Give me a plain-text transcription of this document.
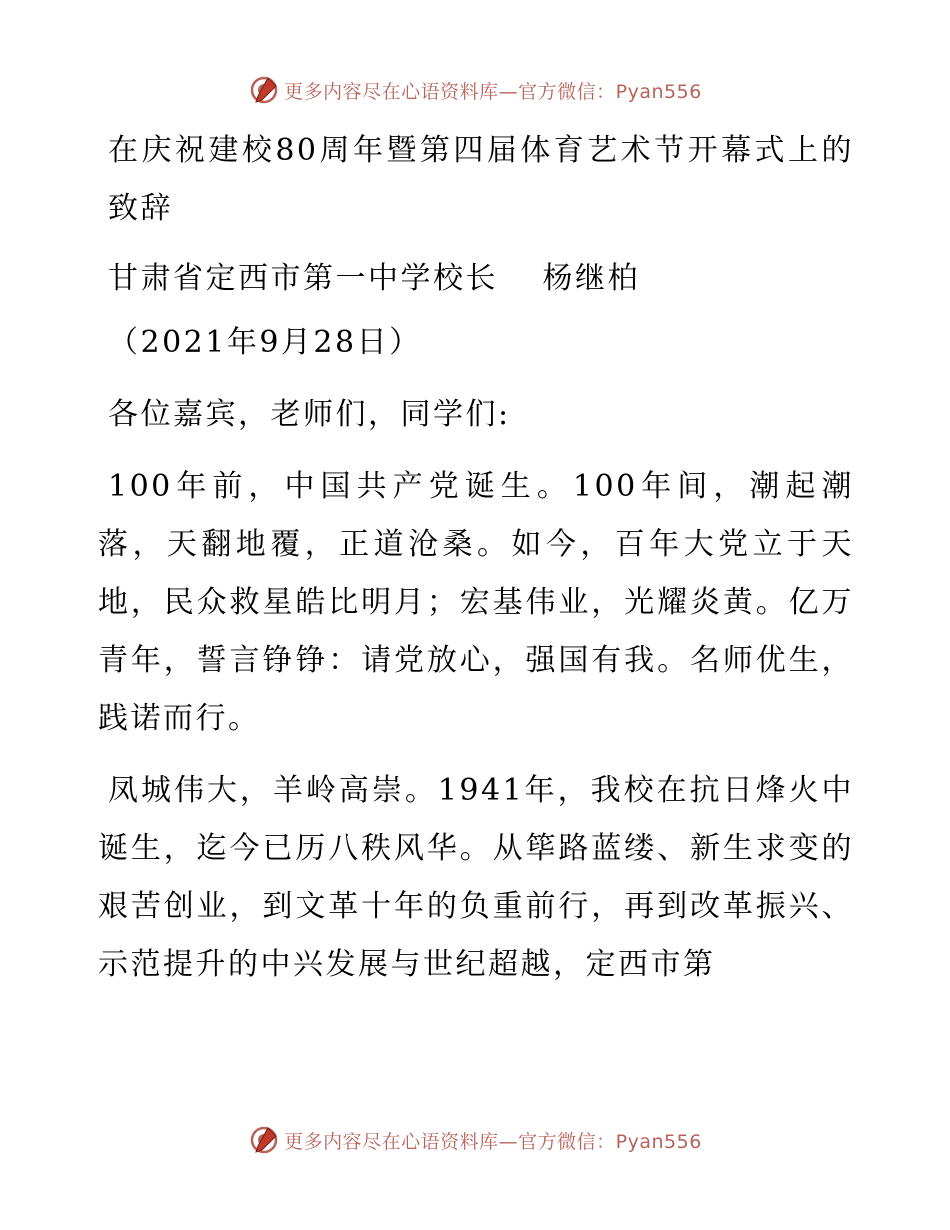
更多内容尽在心语资料库—官方微信：Pyan556

在庆祝建校80周年暨第四届体育艺术节开幕式上的致辞

甘肃省定西市第一中学校长　 杨继柏

（2021年9月28日）

各位嘉宾，老师们，同学们:

100年前，中国共产党诞生。100年间，潮起潮落，天翻地覆，正道沧桑。如今，百年大党立于天地，民众救星皓比明月；宏基伟业，光耀炎黄。亿万青年，誓言铮铮：请党放心，强国有我。名师优生，践诺而行。

凤城伟大，羊岭高崇。1941年，我校在抗日烽火中诞生，迄今已历八秩风华。从筚路蓝缕、新生求变的艰苦创业，到文革十年的负重前行，再到改革振兴、示范提升的中兴发展与世纪超越，定西市第

更多内容尽在心语资料库—官方微信：Pyan556
